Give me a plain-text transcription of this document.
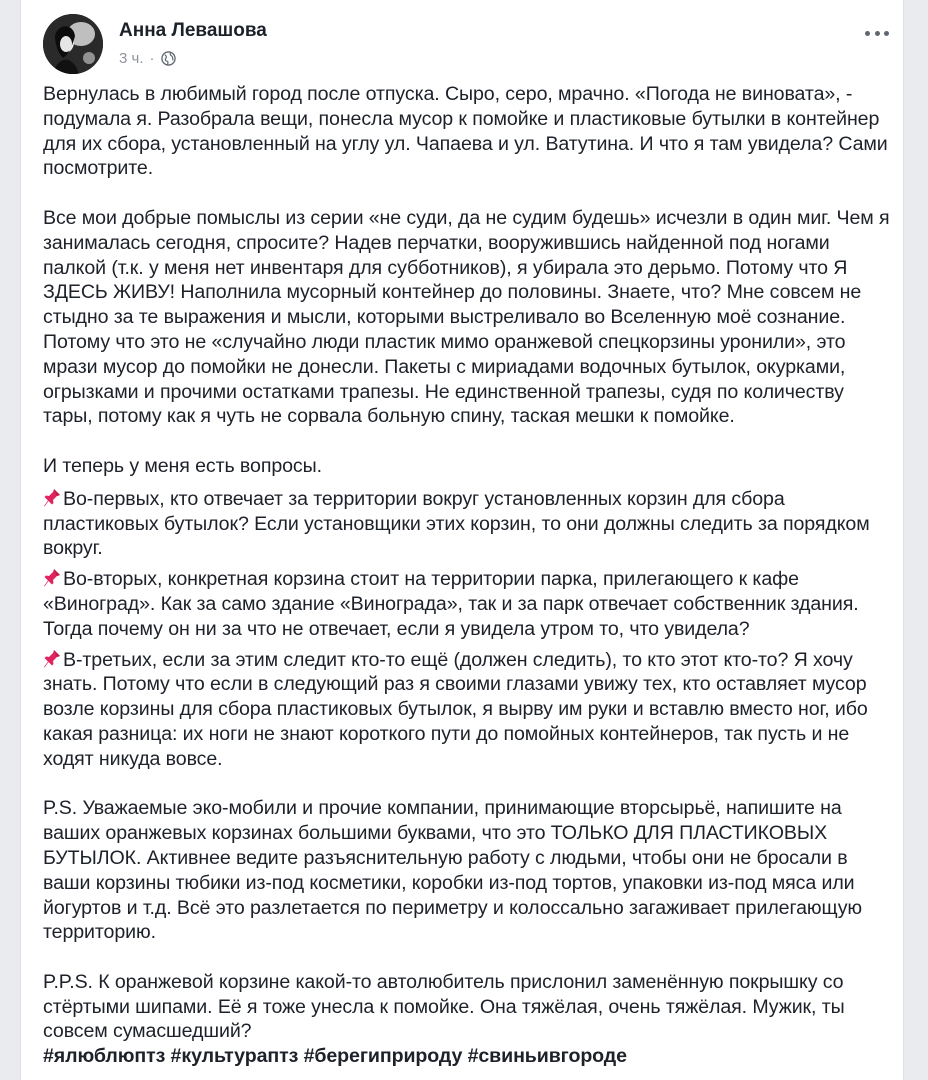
Анна Левашова
3 ч. ·

Вернулась в любимый город после отпуска. Сыро, серо, мрачно. «Погода не виновата», - подумала я. Разобрала вещи, понесла мусор к помойке и пластиковые бутылки в контейнер для их сбора, установленный на углу ул. Чапаева и ул. Ватутина. И что я там увидела? Сами посмотрите.

Все мои добрые помыслы из серии «не суди, да не судим будешь» исчезли в один миг. Чем я занималась сегодня, спросите? Надев перчатки, вооружившись найденной под ногами палкой (т.к. у меня нет инвентаря для субботников), я убирала это дерьмо. Потому что Я ЗДЕСЬ ЖИВУ! Наполнила мусорный контейнер до половины. Знаете, что? Мне совсем не стыдно за те выражения и мысли, которыми выстреливало во Вселенную моё сознание. Потому что это не «случайно люди пластик мимо оранжевой спецкорзины уронили», это мрази мусор до помойки не донесли. Пакеты с мириадами водочных бутылок, окурками, огрызками и прочими остатками трапезы. Не единственной трапезы, судя по количеству тары, потому как я чуть не сорвала больную спину, таская мешки к помойке.

И теперь у меня есть вопросы.

Во-первых, кто отвечает за территории вокруг установленных корзин для сбора пластиковых бутылок? Если установщики этих корзин, то они должны следить за порядком вокруг.

Во-вторых, конкретная корзина стоит на территории парка, прилегающего к кафе «Виноград». Как за само здание «Винограда», так и за парк отвечает собственник здания. Тогда почему он ни за что не отвечает, если я увидела утром то, что увидела?

В-третьих, если за этим следит кто-то ещё (должен следить), то кто этот кто-то? Я хочу знать. Потому что если в следующий раз я своими глазами увижу тех, кто оставляет мусор возле корзины для сбора пластиковых бутылок, я вырву им руки и вставлю вместо ног, ибо какая разница: их ноги не знают короткого пути до помойных контейнеров, так пусть и не ходят никуда вовсе.

P.S. Уважаемые эко-мобили и прочие компании, принимающие вторсырьё, напишите на ваших оранжевых корзинах большими буквами, что это ТОЛЬКО ДЛЯ ПЛАСТИКОВЫХ БУТЫЛОК. Активнее ведите разъяснительную работу с людьми, чтобы они не бросали в ваши корзины тюбики из-под косметики, коробки из-под тортов, упаковки из-под мяса или йогуртов и т.д. Всё это разлетается по периметру и колоссально загаживает прилегающую территорию.

P.P.S. К оранжевой корзине какой-то автолюбитель прислонил заменённую покрышку со стёртыми шипами. Её я тоже унесла к помойке. Она тяжёлая, очень тяжёлая. Мужик, ты совсем сумасшедший?

#ялюблюптз #культураптз #берегиприроду #свиньивгороде
